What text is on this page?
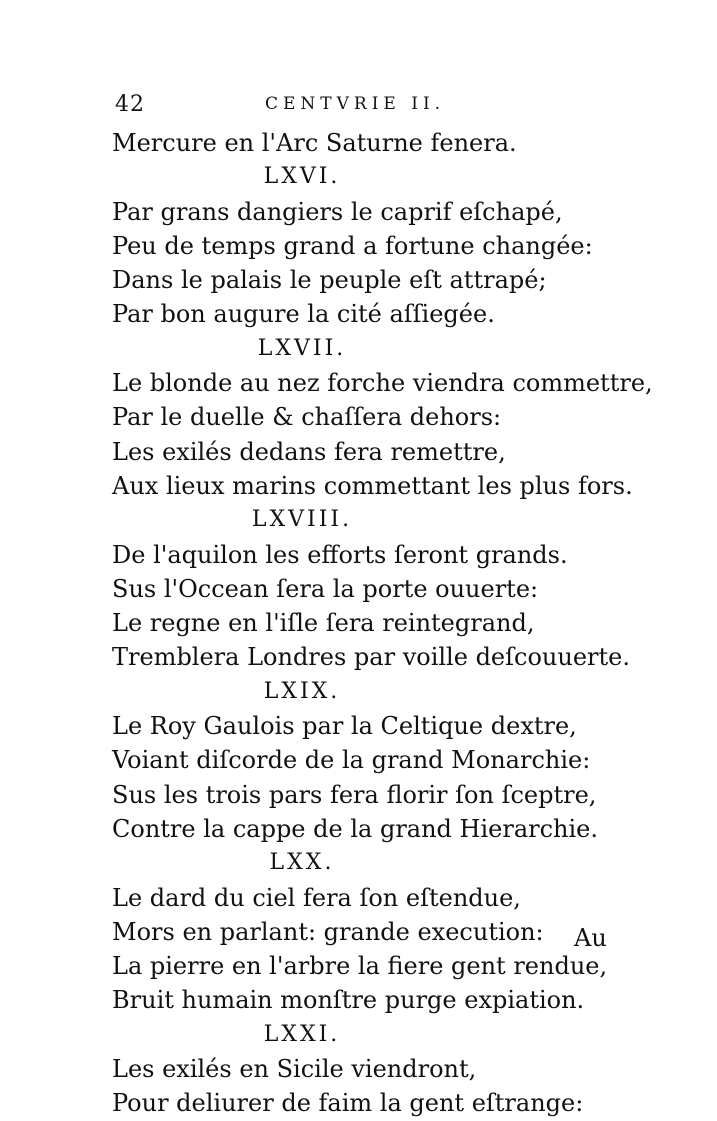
42	CENTVRIE II.
Mercure en l'Arc Saturne fenera.
LXVI.
Par grans dangiers le caprif eſchapé,
Peu de temps grand a fortune changée:
Dans le palais le peuple eſt attrapé;
Par bon augure la cité aſſiegée.
LXVII.
Le blonde au nez forche viendra commettre,
Par le duelle & chaſſera dehors:
Les exilés dedans fera remettre,
Aux lieux marins commettant les plus fors.
LXVIII.
De l'aquilon les efforts ſeront grands.
Sus l'Occean ſera la porte ouuerte:
Le regne en l'iſle ſera reintegrand,
Tremblera Londres par voille deſcouuerte.
LXIX.
Le Roy Gaulois par la Celtique dextre,
Voiant diſcorde de la grand Monarchie:
Sus les trois pars fera florir ſon ſceptre,
Contre la cappe de la grand Hierarchie.
LXX.
Le dard du ciel fera ſon eſtendue,
Mors en parlant: grande execution:
La pierre en l'arbre la fiere gent rendue,
Bruit humain monſtre purge expiation.
LXXI.
Les exilés en Sicile viendront,
Pour deliurer de faim la gent eſtrange:
Au
